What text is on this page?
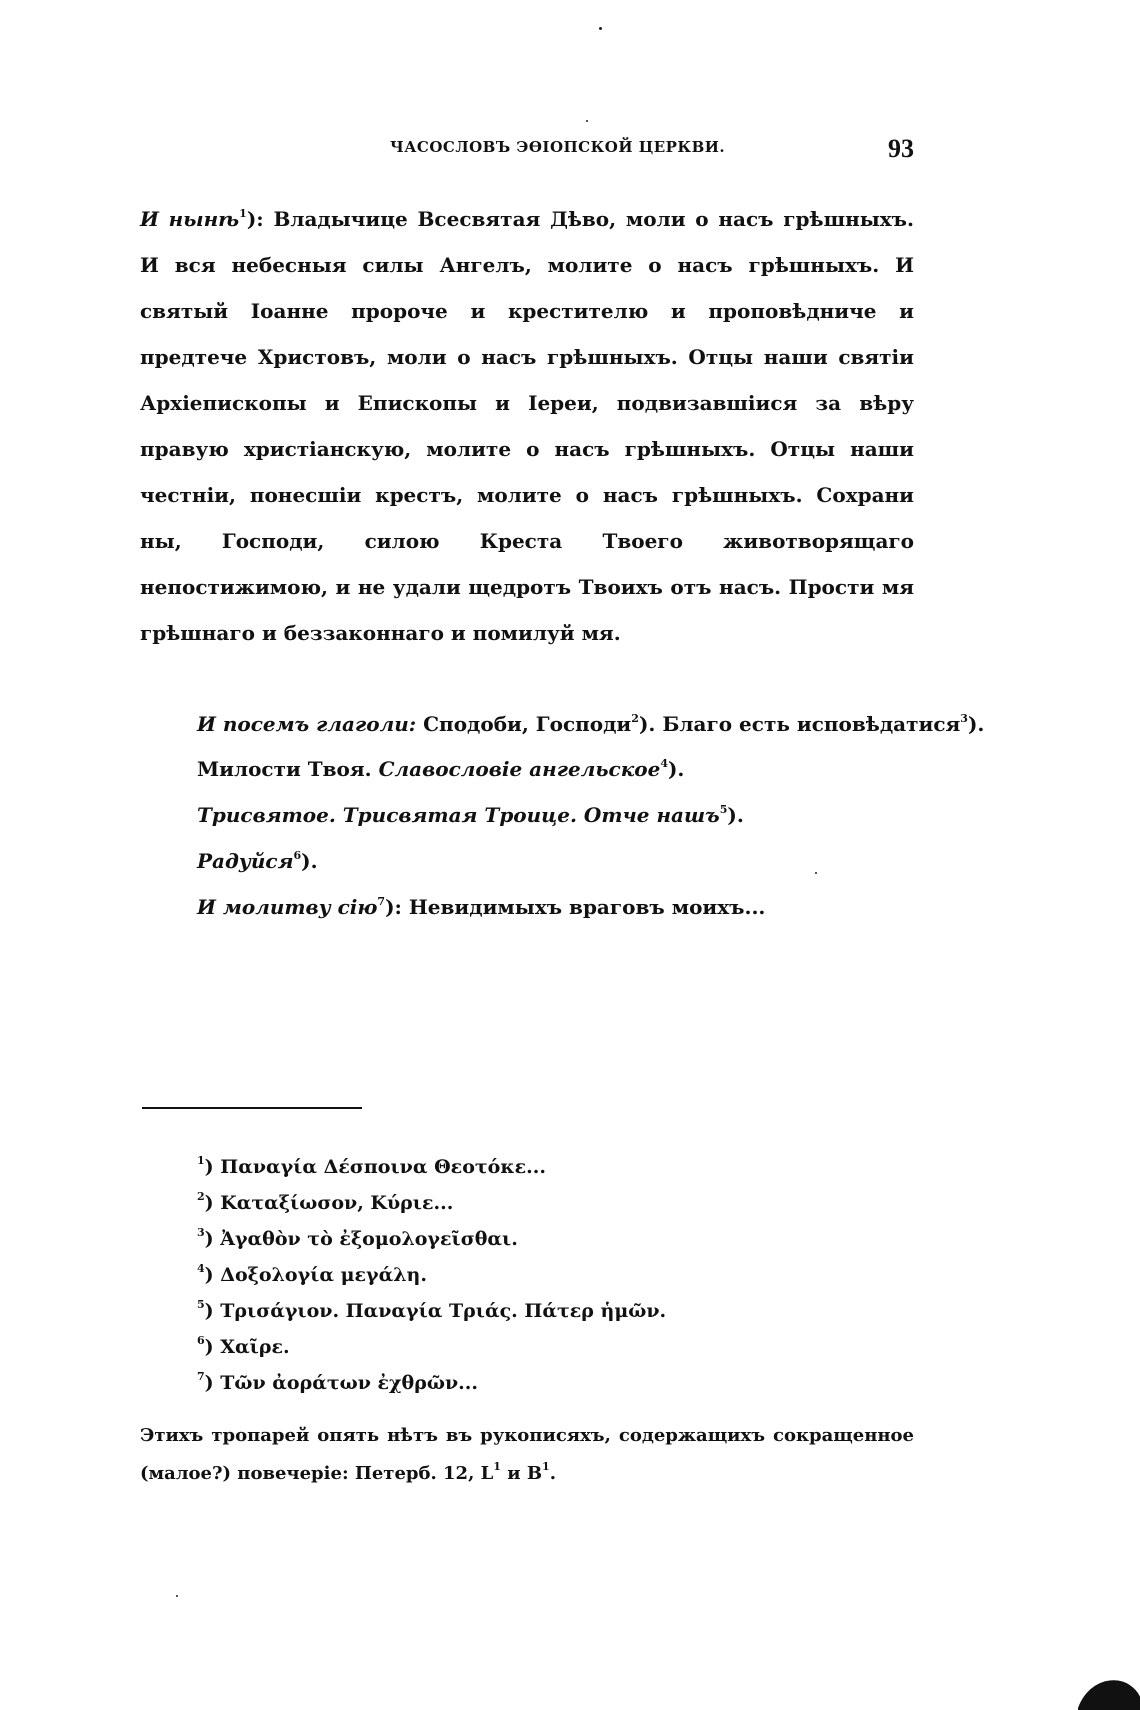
ЧАСОСЛОВЪ ЭѲІОПСКОЙ ЦЕРКВИ.	93

И нынѣ$^1$): Владычице Всесвятая Дѣво, моли о насъ грѣшныхъ. И вся небесныя силы Ангелъ, молите о насъ грѣшныхъ. И святый Іоанне пророче и крестителю и проповѣдниче и предтече Христовъ, моли о насъ грѣшныхъ. Отцы наши святіи Архіепископы и Епископы и Іереи, подвизавшіися за вѣру правую христіанскую, молите о насъ грѣшныхъ. Отцы наши честніи, понесшіи крестъ, молите о насъ грѣшныхъ. Сохрани ны, Господи, силою Креста Твоего животворящаго непостижимою, и не удали щедротъ Твоихъ отъ насъ. Прости мя грѣшнаго и беззаконнаго и помилуй мя.

И посемъ глаголи: Сподоби, Господи$^2$). Благо есть исповѣдатися$^3$).

Милости Твоя. Славословіе ангельское$^4$).

Трисвятое. Трисвятая Троице. Отче нашъ$^5$).

Радуйся$^6$).

И молитву сію$^7$): Невидимыхъ враговъ моихъ...

$^1$) Παναγία Δέσποινα Θεοτόκε...

$^2$) Καταξίωσον, Κύριε...

$^3$) Ἀγαθὸν τὸ ἐξομολογεῖσθαι.

$^4$) Δοξολογία μεγάλη.

$^5$) Τρισάγιον. Παναγία Τριάς. Πάτερ ἡμῶν.

$^6$) Χαῖρε.

$^7$) Τῶν ἀοράτων ἐχθρῶν...

Этихъ тропарей опять нѣтъ въ рукописяхъ, содержащихъ сокращенное (малое?) повечеріе: Петерб. 12, $L^1$ и $B^1$.
